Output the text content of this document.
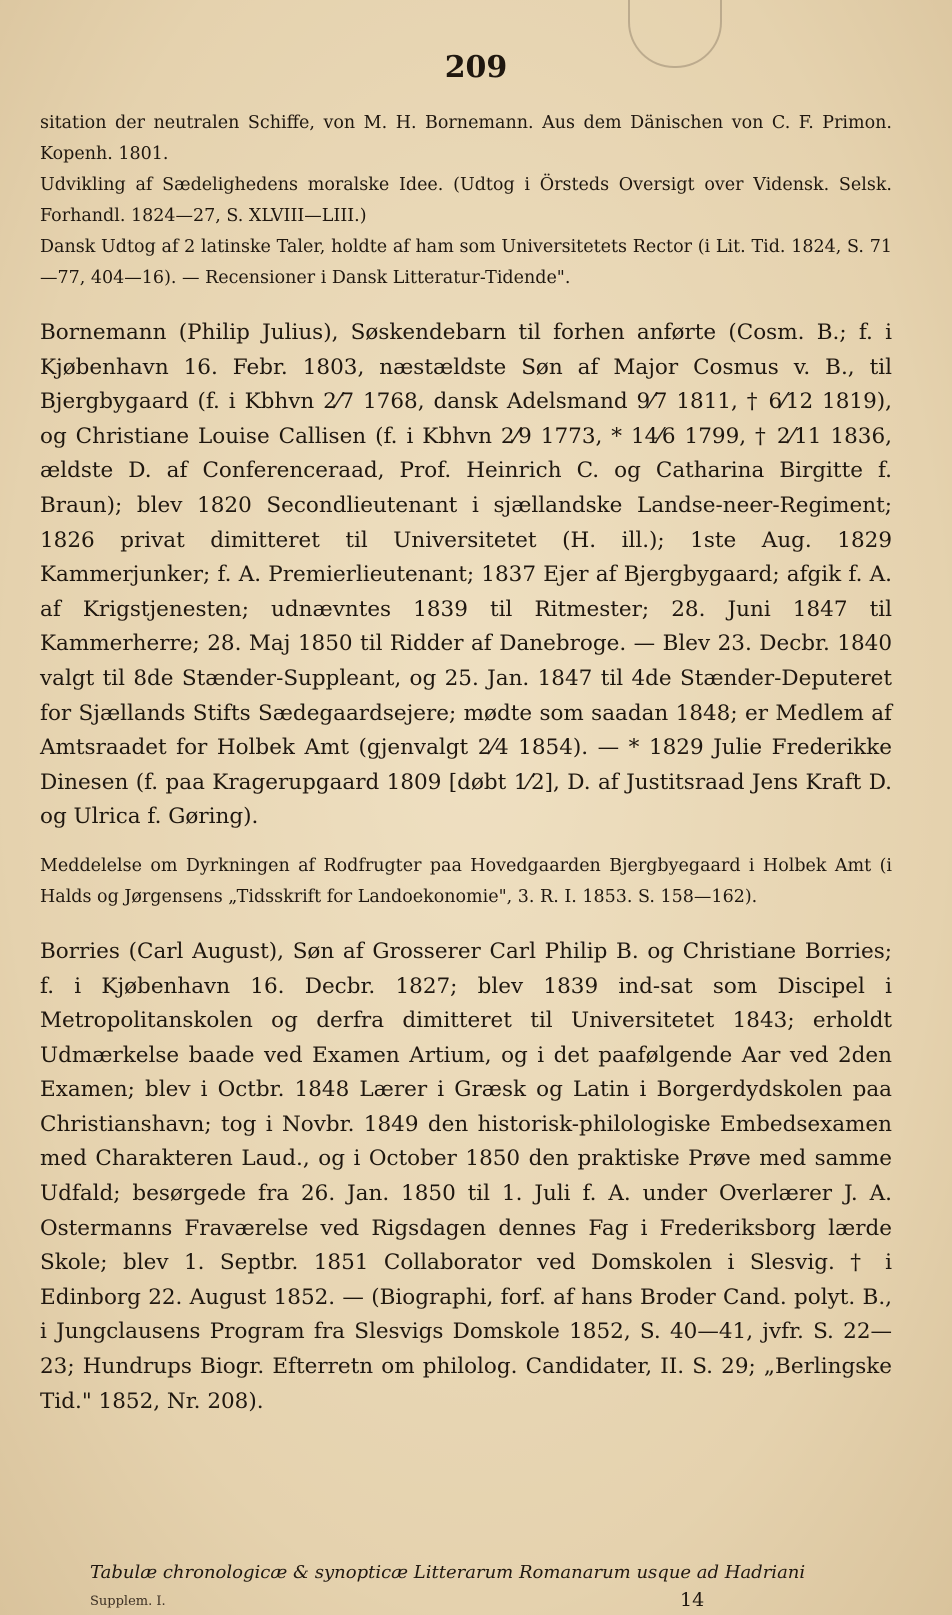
209

sitation der neutralen Schiffe, von M. H. Bornemann. Aus dem Dänischen von C. F. Primon. Kopenh. 1801.

Udvikling af Sædelighedens moralske Idee. (Udtog i Örsteds Oversigt over Vidensk. Selsk. Forhandl. 1824—27, S. XLVIII—LIII.)

Dansk Udtog af 2 latinske Taler, holdte af ham som Universitetets Rector (i Lit. Tid. 1824, S. 71—77, 404—16). — Recensioner i Dansk Litteratur-Tidende".

Bornemann (Philip Julius), Søskendebarn til forhen anførte (Cosm. B.; f. i Kjøbenhavn 16. Febr. 1803, næstældste Søn af Major Cosmus v. B., til Bjergbygaard (f. i Kbhvn 2⁄7 1768, dansk Adelsmand 9⁄7 1811, † 6⁄12 1819), og Christiane Louise Callisen (f. i Kbhvn 2⁄9 1773, * 14⁄6 1799, † 2⁄11 1836, ældste D. af Conferenceraad, Prof. Heinrich C. og Catharina Birgitte f. Braun); blev 1820 Secondlieutenant i sjællandske Landse-neer-Regiment; 1826 privat dimitteret til Universitetet (H. ill.); 1ste Aug. 1829 Kammerjunker; f. A. Premierlieutenant; 1837 Ejer af Bjergbygaard; afgik f. A. af Krigstjenesten; udnævntes 1839 til Ritmester; 28. Juni 1847 til Kammerherre; 28. Maj 1850 til Ridder af Danebroge. — Blev 23. Decbr. 1840 valgt til 8de Stænder-Suppleant, og 25. Jan. 1847 til 4de Stænder-Deputeret for Sjællands Stifts Sædegaardsejere; mødte som saadan 1848; er Medlem af Amtsraadet for Holbek Amt (gjenvalgt 2⁄4 1854). — * 1829 Julie Frederikke Dinesen (f. paa Kragerupgaard 1809 [døbt 1⁄2], D. af Justitsraad Jens Kraft D. og Ulrica f. Gøring).

Meddelelse om Dyrkningen af Rodfrugter paa Hovedgaarden Bjergbyegaard i Holbek Amt (i Halds og Jørgensens „Tidsskrift for Landoekonomie", 3. R. I. 1853. S. 158—162).

Borries (Carl August), Søn af Grosserer Carl Philip B. og Christiane Borries; f. i Kjøbenhavn 16. Decbr. 1827; blev 1839 ind-sat som Discipel i Metropolitanskolen og derfra dimitteret til Universitetet 1843; erholdt Udmærkelse baade ved Examen Artium, og i det paafølgende Aar ved 2den Examen; blev i Octbr. 1848 Lærer i Græsk og Latin i Borgerdydskolen paa Christianshavn; tog i Novbr. 1849 den historisk-philologiske Embedsexamen med Charakteren Laud., og i October 1850 den praktiske Prøve med samme Udfald; besørgede fra 26. Jan. 1850 til 1. Juli f. A. under Overlærer J. A. Ostermanns Fraværelse ved Rigsdagen dennes Fag i Frederiksborg lærde Skole; blev 1. Septbr. 1851 Collaborator ved Domskolen i Slesvig. † i Edinborg 22. August 1852. — (Biographi, forf. af hans Broder Cand. polyt. B., i Jungclausens Program fra Slesvigs Domskole 1852, S. 40—41, jvfr. S. 22—23; Hundrups Biogr. Efterretn om philolog. Candidater, II. S. 29; „Berlingske Tid." 1852, Nr. 208).

Tabulæ chronologicæ & synopticæ Litterarum Romanarum usque ad Hadriani
Supplem. I.	14
